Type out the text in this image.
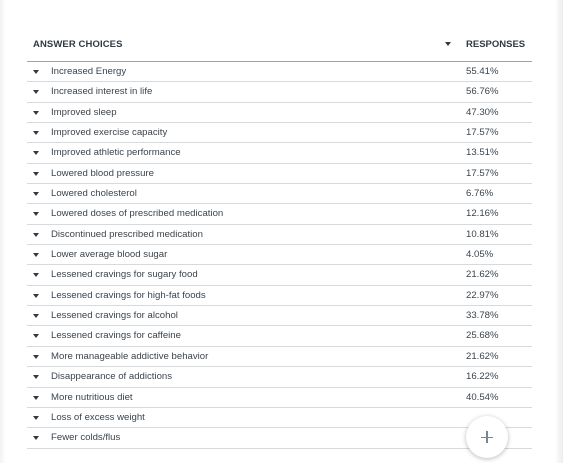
ANSWER CHOICES	RESPONSES
Increased Energy	55.41%
Increased interest in life	56.76%
Improved sleep	47.30%
Improved exercise capacity	17.57%
Improved athletic performance	13.51%
Lowered blood pressure	17.57%
Lowered cholesterol	6.76%
Lowered doses of prescribed medication	12.16%
Discontinued prescribed medication	10.81%
Lower average blood sugar	4.05%
Lessened cravings for sugary food	21.62%
Lessened cravings for high-fat foods	22.97%
Lessened cravings for alcohol	33.78%
Lessened cravings for caffeine	25.68%
More manageable addictive behavior	21.62%
Disappearance of addictions	16.22%
More nutritious diet	40.54%
Loss of excess weight
Fewer colds/flus
